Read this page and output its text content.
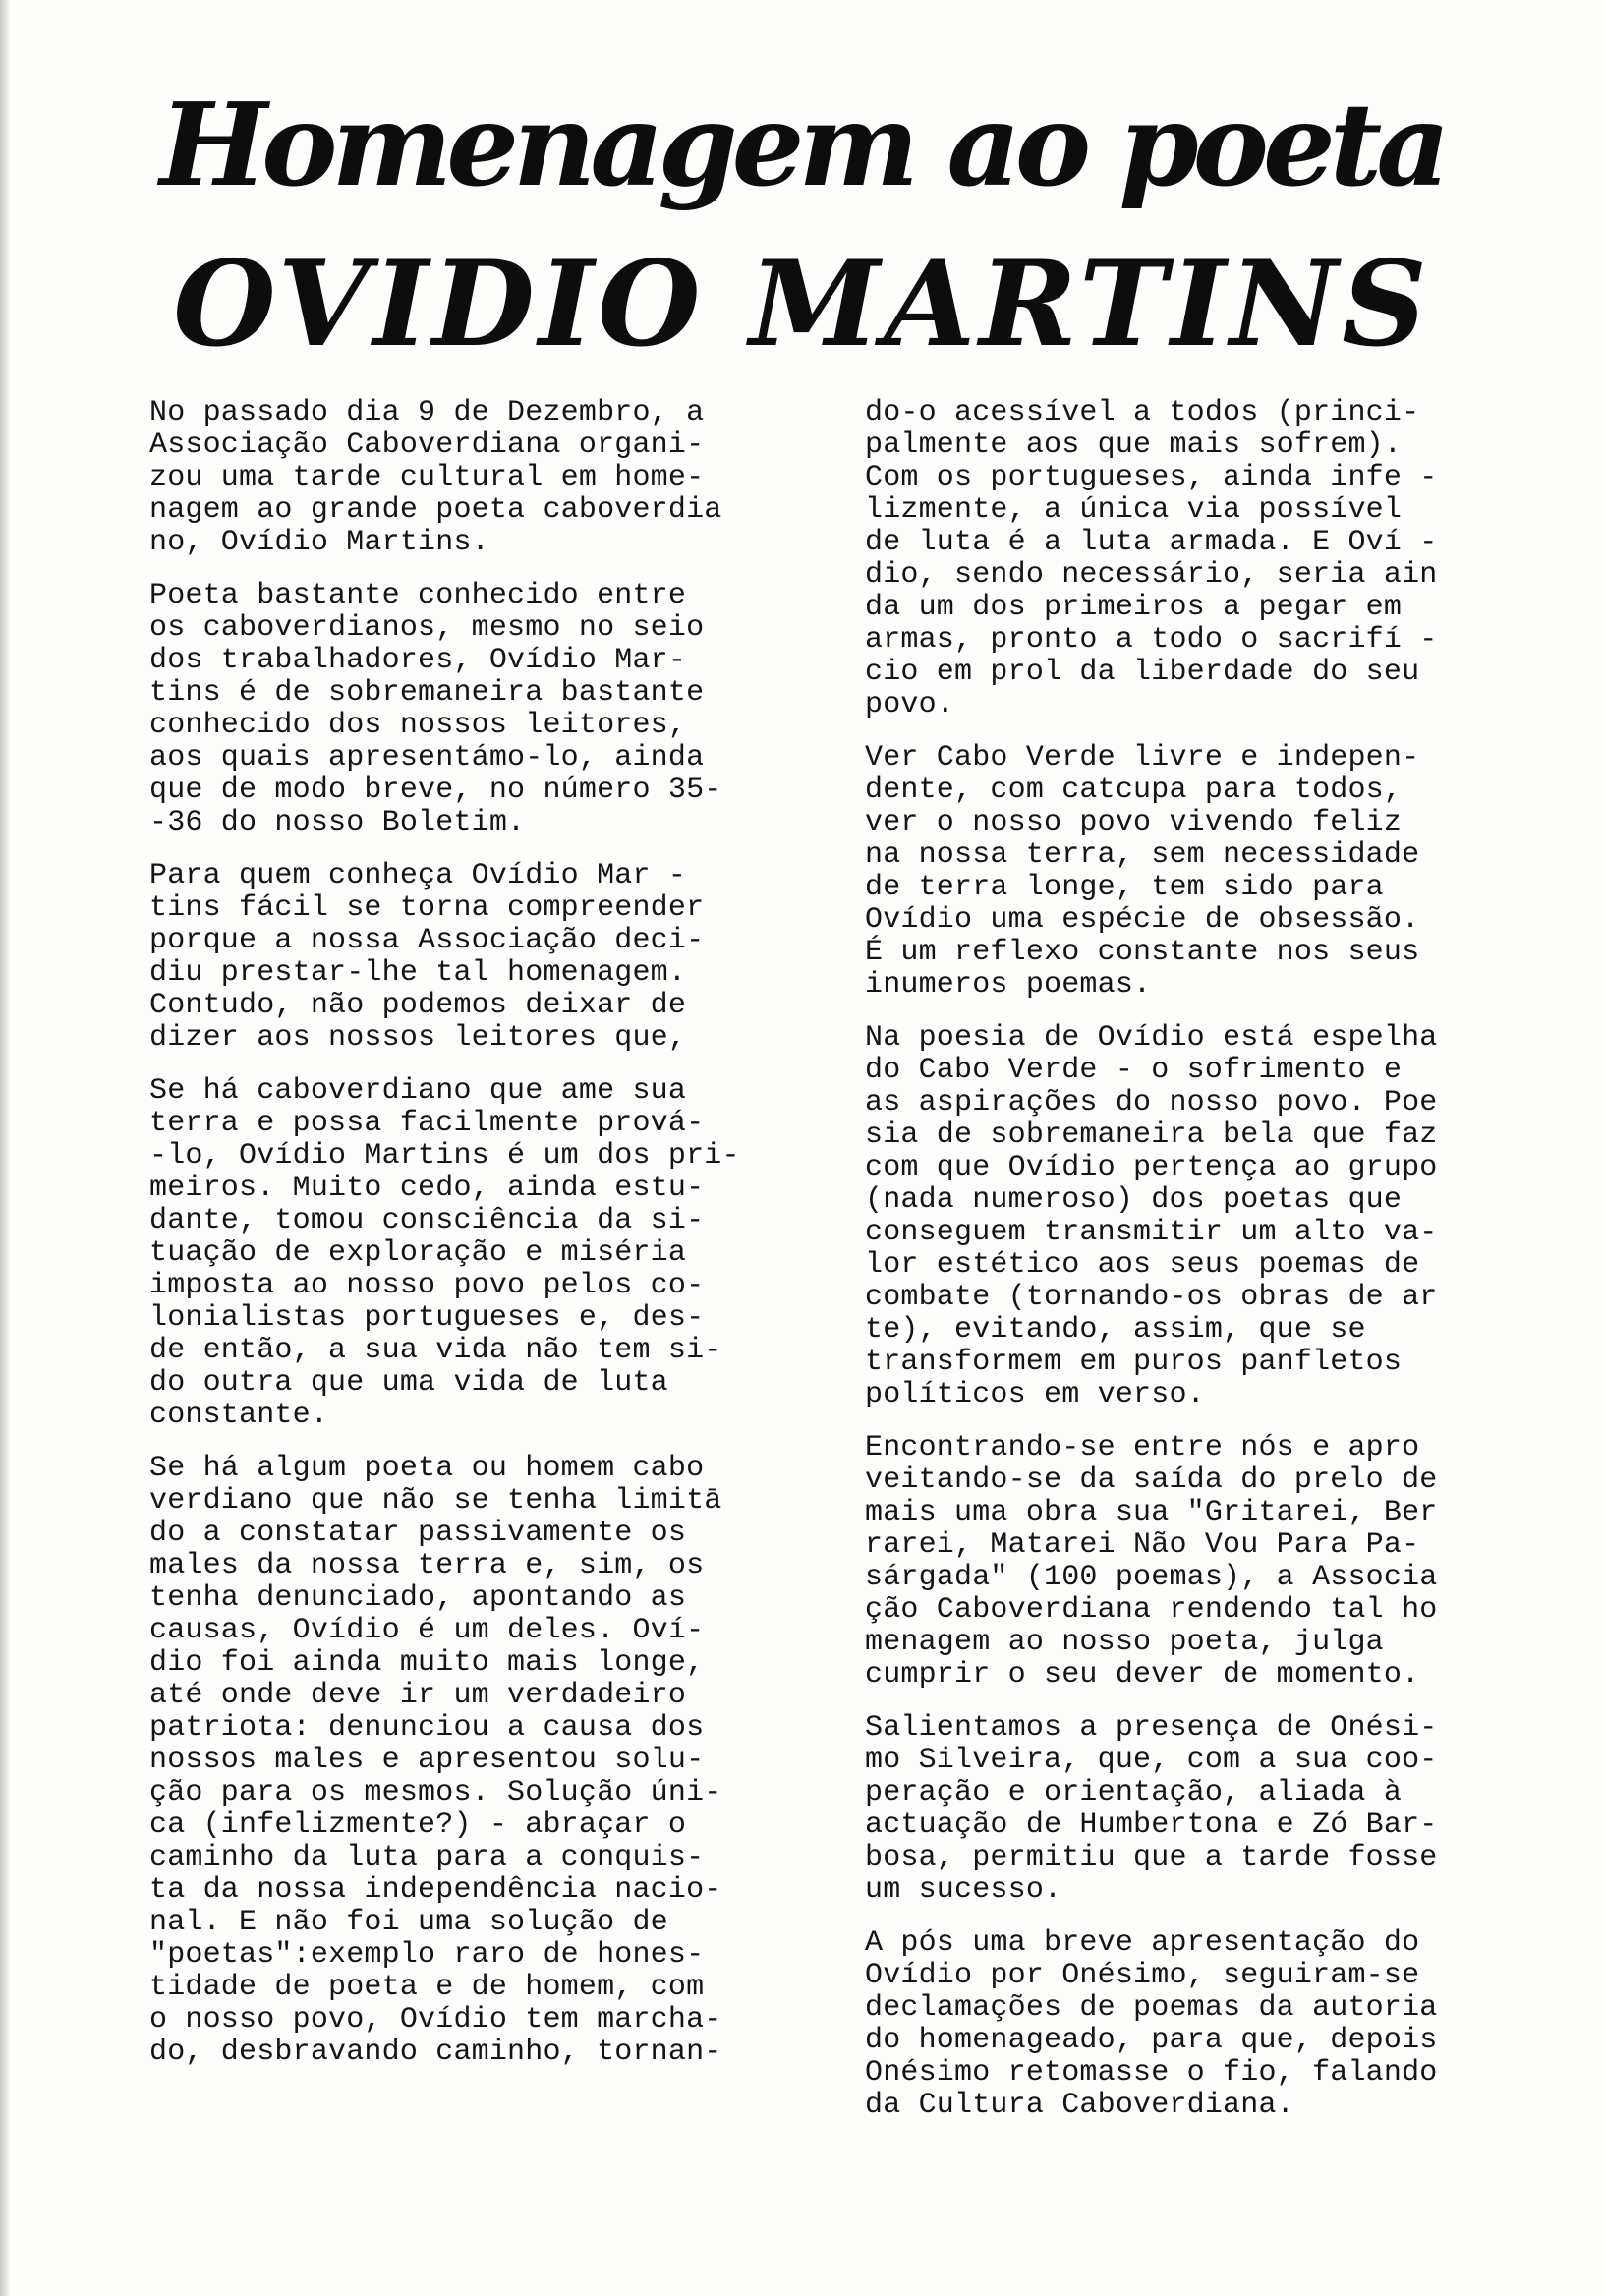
Homenagem ao poeta
OVIDIO MARTINS

No passado dia 9 de Dezembro, a
Associação Caboverdiana organi-
zou uma tarde cultural em home-
nagem ao grande poeta caboverdia
no, Ovídio Martins.

Poeta bastante conhecido entre
os caboverdianos, mesmo no seio
dos trabalhadores, Ovídio Mar-
tins é de sobremaneira bastante
conhecido dos nossos leitores,
aos quais apresentámo-lo, ainda
que de modo breve, no número 35-
-36 do nosso Boletim.

Para quem conheça Ovídio Mar -
tins fácil se torna compreender
porque a nossa Associação deci-
diu prestar-lhe tal homenagem.
Contudo, não podemos deixar de
dizer aos nossos leitores que,

Se há caboverdiano que ame sua
terra e possa facilmente prová-
-lo, Ovídio Martins é um dos pri-
meiros. Muito cedo, ainda estu-
dante, tomou consciência da si-
tuação de exploração e miséria
imposta ao nosso povo pelos co-
lonialistas portugueses e, des-
de então, a sua vida não tem si-
do outra que uma vida de luta
constante.

Se há algum poeta ou homem cabo
verdiano que não se tenha limitā
do a constatar passivamente os
males da nossa terra e, sim, os
tenha denunciado, apontando as
causas, Ovídio é um deles. Oví-
dio foi ainda muito mais longe,
até onde deve ir um verdadeiro
patriota: denunciou a causa dos
nossos males e apresentou solu-
ção para os mesmos. Solução úni-
ca (infelizmente?) - abraçar o
caminho da luta para a conquis-
ta da nossa independência nacio-
nal. E não foi uma solução de
"poetas":exemplo raro de hones-
tidade de poeta e de homem, com
o nosso povo, Ovídio tem marcha-
do, desbravando caminho, tornan-

do-o acessível a todos (princi-
palmente aos que mais sofrem).
Com os portugueses, ainda infe -
lizmente, a única via possível
de luta é a luta armada. E Oví -
dio, sendo necessário, seria ain
da um dos primeiros a pegar em
armas, pronto a todo o sacrifí -
cio em prol da liberdade do seu
povo.

Ver Cabo Verde livre e indepen-
dente, com catcupa para todos,
ver o nosso povo vivendo feliz
na nossa terra, sem necessidade
de terra longe, tem sido para
Ovídio uma espécie de obsessão.
É um reflexo constante nos seus
inumeros poemas.

Na poesia de Ovídio está espelha
do Cabo Verde - o sofrimento e
as aspirações do nosso povo. Poe
sia de sobremaneira bela que faz
com que Ovídio pertença ao grupo
(nada numeroso) dos poetas que
conseguem transmitir um alto va-
lor estético aos seus poemas de
combate (tornando-os obras de ar
te), evitando, assim, que se
transformem em puros panfletos
políticos em verso.

Encontrando-se entre nós e apro
veitando-se da saída do prelo de
mais uma obra sua "Gritarei, Ber
rarei, Matarei Não Vou Para Pa-
sárgada" (100 poemas), a Associa
ção Caboverdiana rendendo tal ho
menagem ao nosso poeta, julga
cumprir o seu dever de momento.

Salientamos a presença de Onési-
mo Silveira, que, com a sua coo-
peração e orientação, aliada à
actuação de Humbertona e Zó Bar-
bosa, permitiu que a tarde fosse
um sucesso.

A pós uma breve apresentação do
Ovídio por Onésimo, seguiram-se
declamações de poemas da autoria
do homenageado, para que, depois
Onésimo retomasse o fio, falando
da Cultura Caboverdiana.
